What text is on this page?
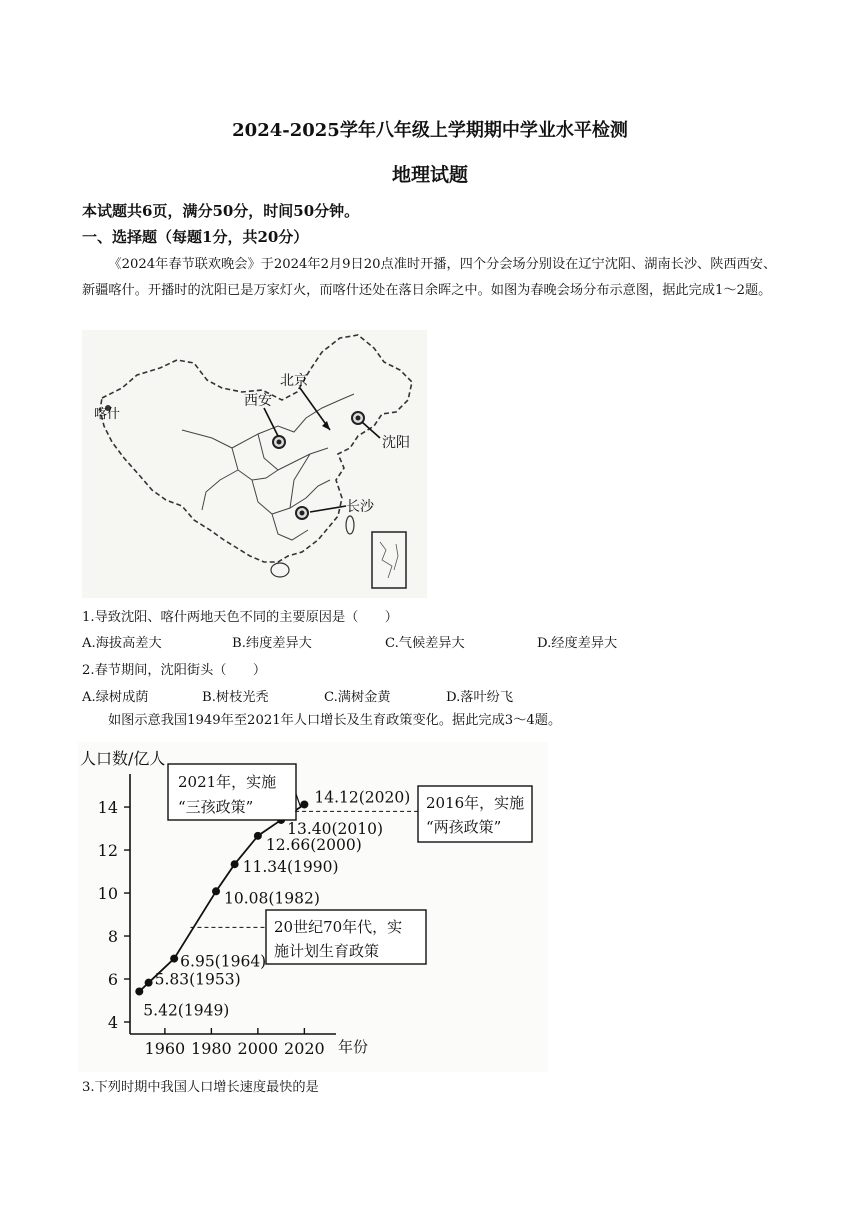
2024-2025学年八年级上学期期中学业水平检测
地理试题
本试题共6页，满分50分，时间50分钟。
一、选择题（每题1分，共20分）
《2024年春节联欢晚会》于2024年2月9日20点准时开播，四个分会场分别设在辽宁沈阳、湖南长沙、陕西西安、新疆喀什。开播时的沈阳已是万家灯火，而喀什还处在落日余晖之中。如图为春晚会场分布示意图，据此完成1～2题。
喀什
西安
北京
沈阳
长沙
1.导致沈阳、喀什两地天色不同的主要原因是（　　）
A.海拔高差大	B.纬度差异大	C.气候差异大	D.经度差异大
2.春节期间，沈阳街头（　　）
A.绿树成荫	B.树枝光秃	C.满树金黄	D.落叶纷飞
如图示意我国1949年至2021年人口增长及生育政策变化。据此完成3～4题。
人口数/亿人
年份
4
6
8
10
12
14
1960 1980 2000 2020
5.42(1949)
5.83(1953)
6.95(1964)
10.08(1982)
11.34(1990)
12.66(2000)
13.40(2010)
14.12(2020)
2021年，实施
“三孩政策”	2016年，实施
“两孩政策”
20世纪70年代，实
施计划生育政策
3.下列时期中我国人口增长速度最快的是
